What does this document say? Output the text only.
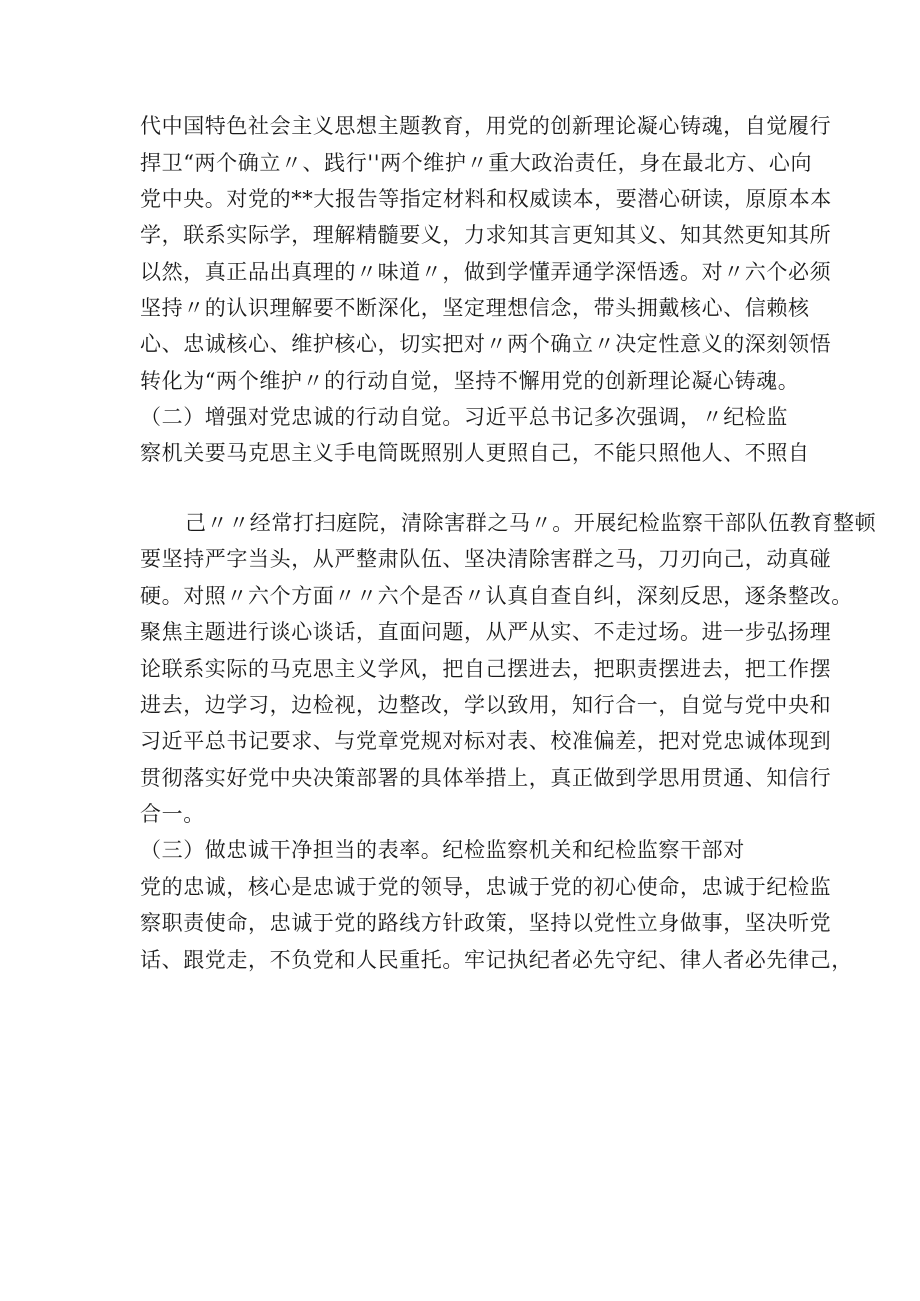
代中国特色社会主义思想主题教育，用党的创新理论凝心铸魂，自觉履行
捍卫“两个确立〃、践行''两个维护〃重大政治责任，身在最北方、心向
党中央。对党的**大报告等指定材料和权威读本，要潜心研读，原原本本
学，联系实际学，理解精髓要义，力求知其言更知其义、知其然更知其所
以然，真正品出真理的〃味道〃，做到学懂弄通学深悟透。对〃六个必须
坚持〃的认识理解要不断深化，坚定理想信念，带头拥戴核心、信赖核
心、忠诚核心、维护核心，切实把对〃两个确立〃决定性意义的深刻领悟
转化为“两个维护〃的行动自觉，坚持不懈用党的创新理论凝心铸魂。
（二）增强对党忠诚的行动自觉。习近平总书记多次强调，〃纪检监
察机关要马克思主义手电筒既照别人更照自己，不能只照他人、不照自
己〃〃经常打扫庭院，清除害群之马〃。开展纪检监察干部队伍教育整顿
要坚持严字当头，从严整肃队伍、坚决清除害群之马，刀刃向己，动真碰
硬。对照〃六个方面〃〃六个是否〃认真自查自纠，深刻反思，逐条整改。
聚焦主题进行谈心谈话，直面问题，从严从实、不走过场。进一步弘扬理
论联系实际的马克思主义学风，把自己摆进去，把职责摆进去，把工作摆
进去，边学习，边检视，边整改，学以致用，知行合一，自觉与党中央和
习近平总书记要求、与党章党规对标对表、校准偏差，把对党忠诚体现到
贯彻落实好党中央决策部署的具体举措上，真正做到学思用贯通、知信行
合一。
（三）做忠诚干净担当的表率。纪检监察机关和纪检监察干部对
党的忠诚，核心是忠诚于党的领导，忠诚于党的初心使命，忠诚于纪检监
察职责使命，忠诚于党的路线方针政策，坚持以党性立身做事，坚决听党
话、跟党走，不负党和人民重托。牢记执纪者必先守纪、律人者必先律己，
